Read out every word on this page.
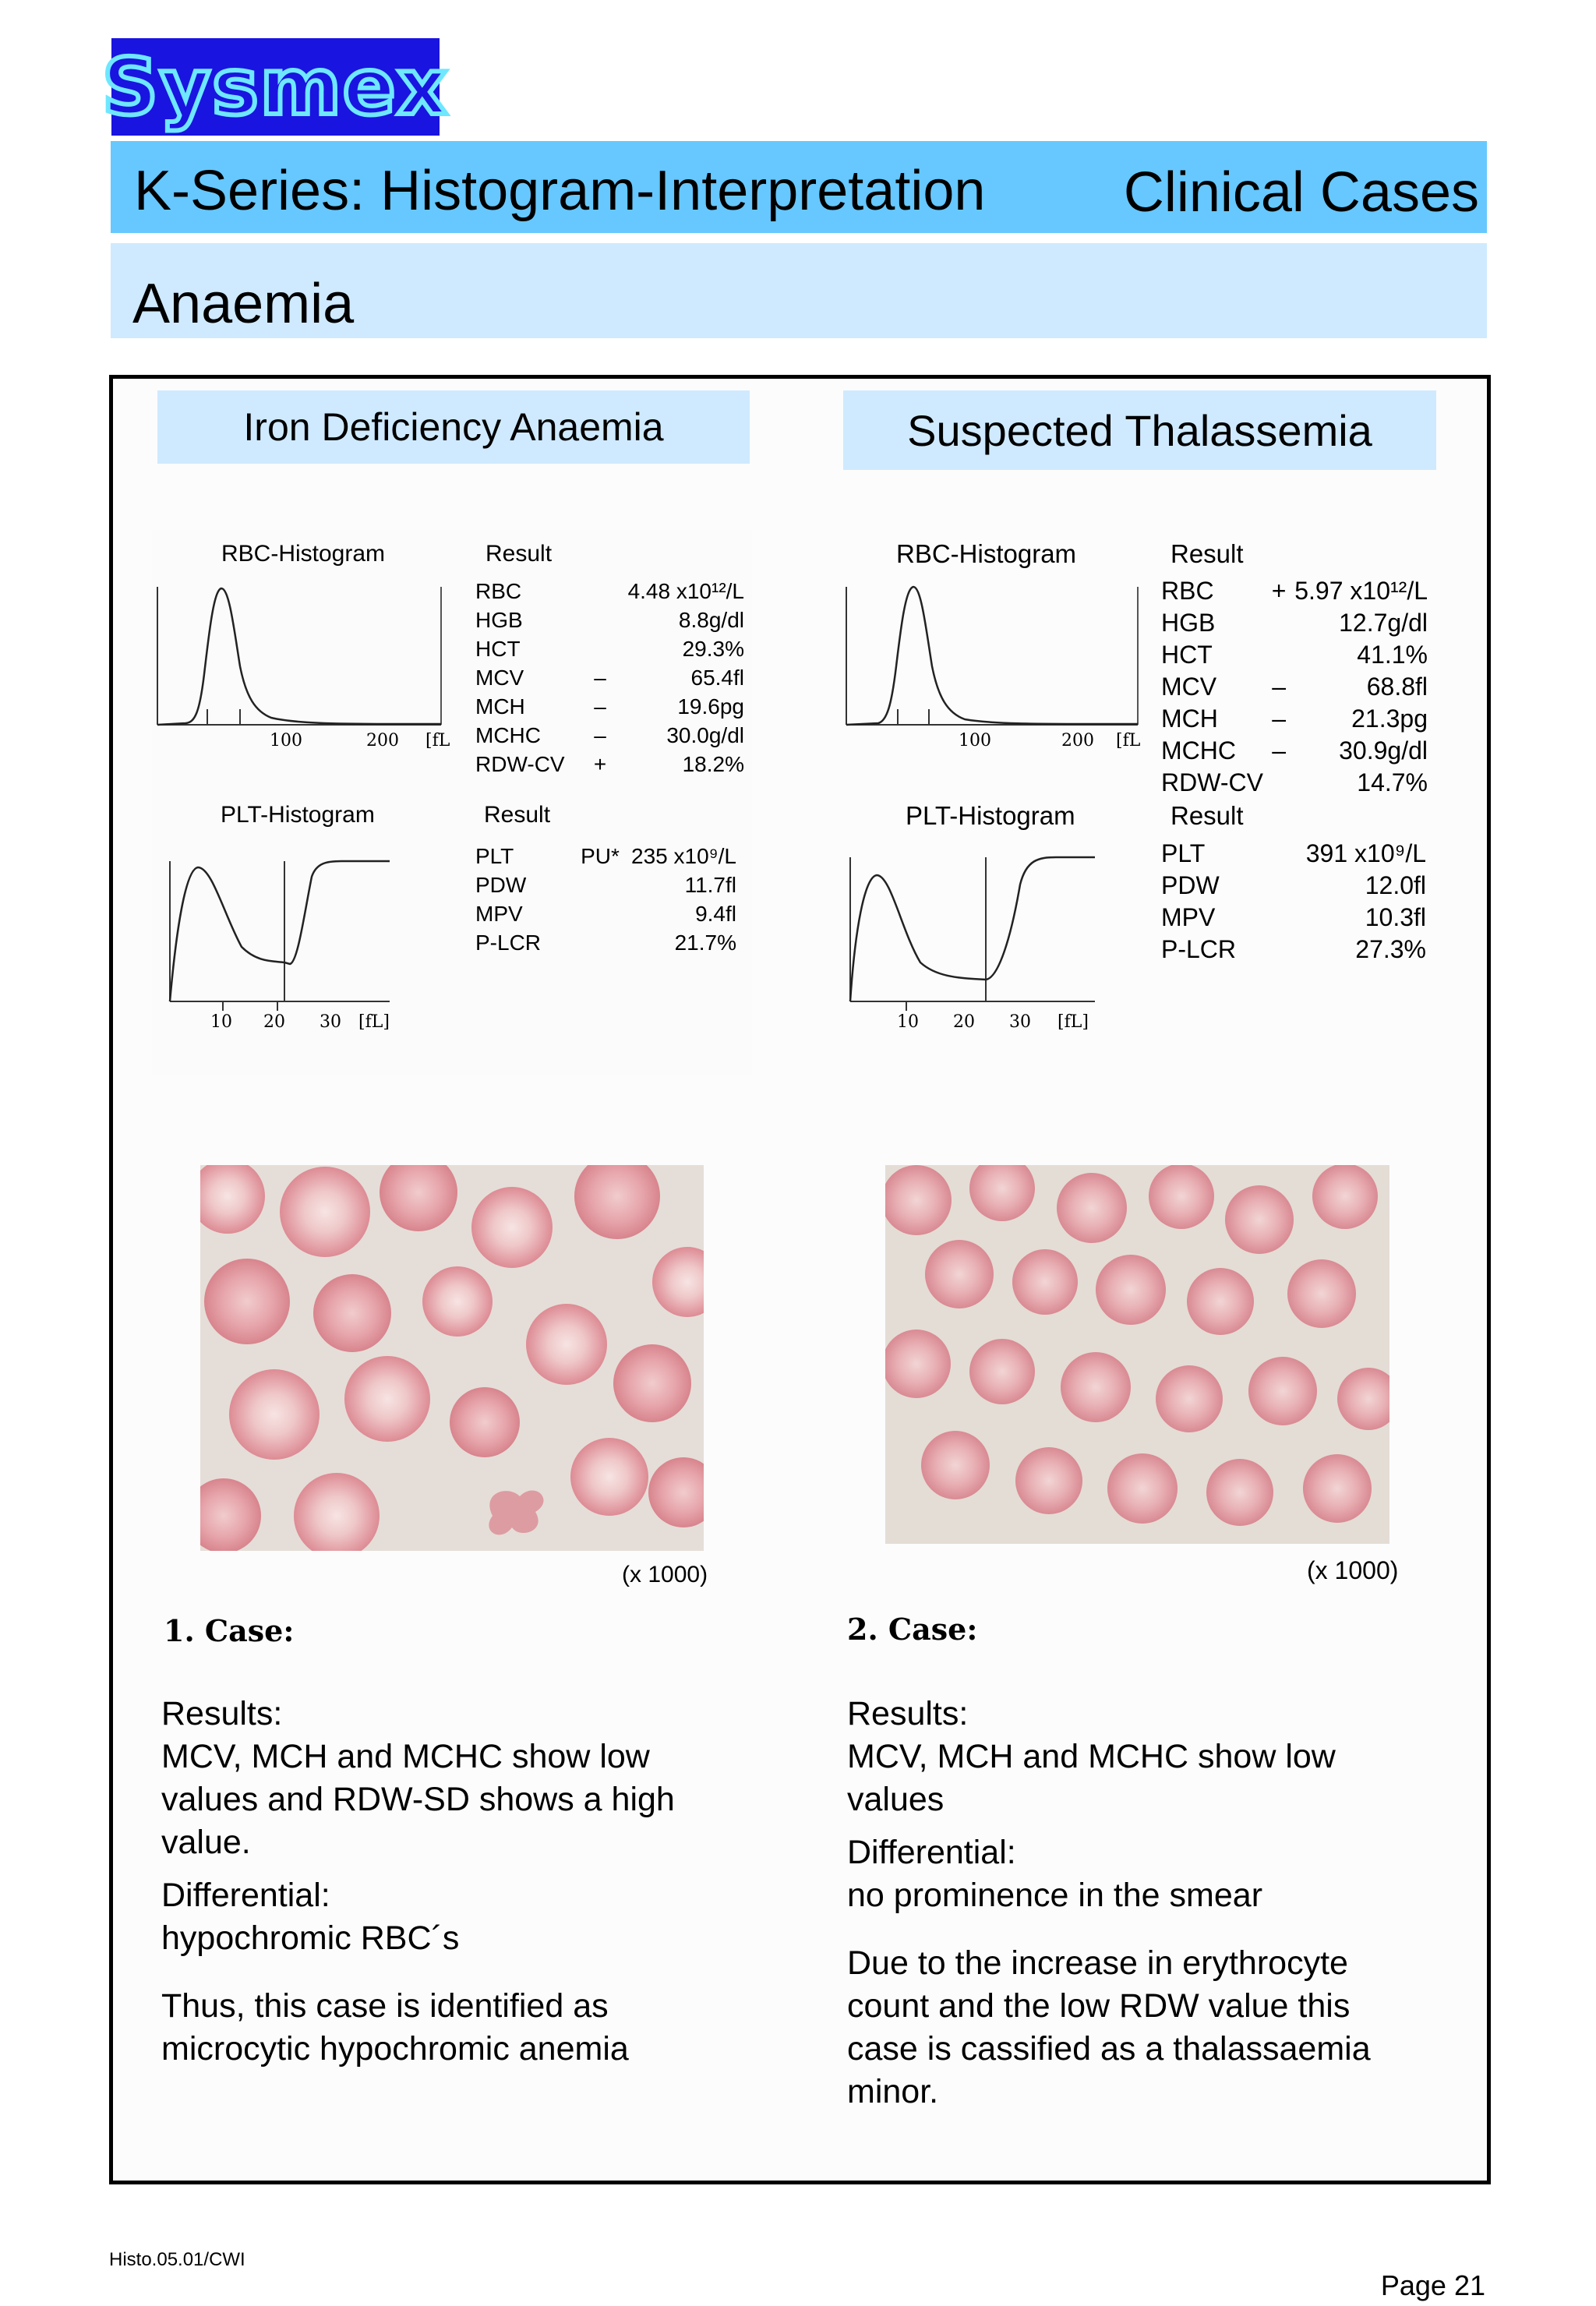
Sysmex
K-Series: Histogram-Interpretation Clinical Cases
Anaemia
Iron Deficiency Anaemia
RBC-Histogram	Result
100	200 [fL
RBC		4.48 x10¹²/L
HGB		8.8g/dl
HCT		29.3%
MCV	–	65.4fl
MCH	–	19.6pg
MCHC	–	30.0g/dl
RDW-CV	+	18.2%
PLT-Histogram	Result
10 20 30 [fL]
PLT	PU*	235 x10⁹/L
PDW		11.7fl
MPV		9.4fl
P-LCR		21.7%
(x 1000)
1. Case:
Results:
MCV, MCH and MCHC show low values and RDW-SD shows a high value.
Differential:
hypochromic RBC´s
Thus, this case is identified as microcytic hypochromic anemia
Suspected Thalassemia
RBC-Histogram	Result
100	200 [fL
RBC	+	5.97 x10¹²/L
HGB		12.7g/dl
HCT		41.1%
MCV	–	68.8fl
MCH	–	21.3pg
MCHC	–	30.9g/dl
RDW-CV		14.7%
PLT-Histogram	Result
10 20 30 [fL]
PLT		391 x10⁹/L
PDW		12.0fl
MPV		10.3fl
P-LCR		27.3%
(x 1000)
2. Case:
Results:
MCV, MCH and MCHC show low values
Differential:
no prominence in the smear
Due to the increase in erythrocyte count and the low RDW value this case is cassified as a thalassaemia minor.
Histo.05.01/CWI
Page 21
